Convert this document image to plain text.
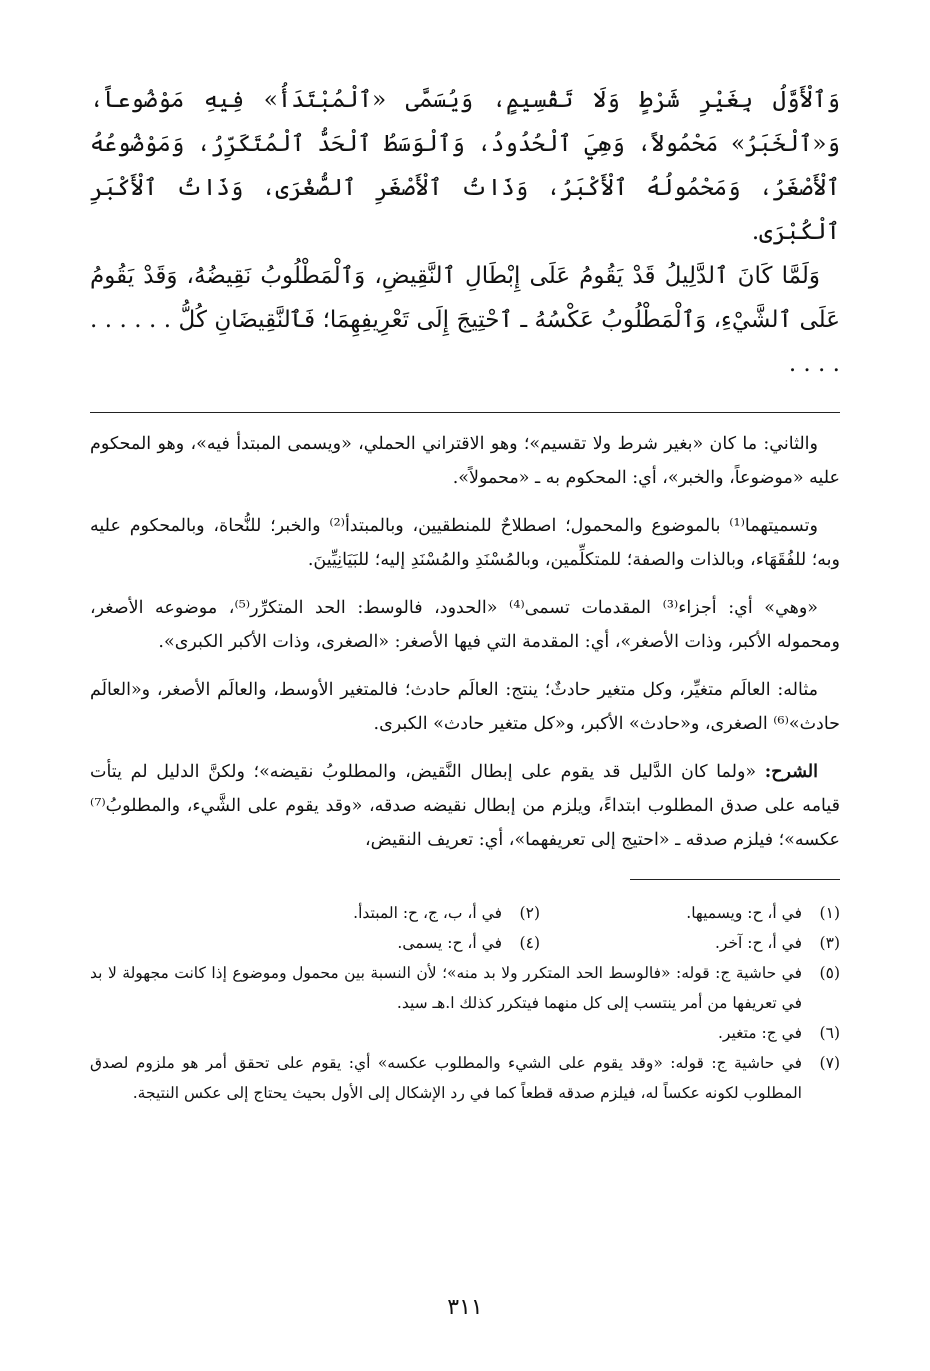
وَٱلْأَوَّلُ بِغَيْرِ شَرْطٍ وَلَا تَقْسِيمٍ، وَيُسَمَّى «ٱلْمُبْتَدَأُ» فِيهِ مَوْضُوعاً، وَ«ٱلْخَبَرُ» مَحْمُولاً، وَهِيَ ٱلْحُدُودُ، وَٱلْوَسَطُ ٱلْحَدُّ ٱلْمُتَكَرِّرُ، وَمَوْضُوعُهُ ٱلْأَصْغَرُ، وَمَحْمُولُهُ ٱلْأَكْبَرُ، وَذَاتُ ٱلْأَصْغَرِ ٱلصُّغْرَى، وَذَاتُ ٱلْأَكْبَرِ ٱلْكُبْرَى.

وَلَمَّا كَانَ ٱلدَّلِيلُ قَدْ يَقُومُ عَلَى إِبْطَالِ ٱلنَّقِيضِ، وَٱلْمَطْلُوبُ نَقِيضُهُ، وَقَدْ يَقُومُ عَلَى ٱلشَّيْءِ، وَٱلْمَطْلُوبُ عَكْسُهُ ـ ٱحْتِيجَ إِلَى تَعْرِيفِهِمَا؛ فَٱلنَّقِيضَانِ كُلُّ . . . . . . . . . .

والثاني: ما كان «بغير شرط ولا تقسيم»؛ وهو الاقتراني الحملي، «ويسمى المبتدأ فيه»، وهو المحكوم عليه «موضوعاً، والخبر»، أي: المحكوم به ـ «محمولاً».

وتسميتهما⁽¹⁾ بالموضوع والمحمول؛ اصطلاحٌ للمنطقيين، وبالمبتدأ⁽²⁾ والخبر؛ للنُّحاة، وبالمحكوم عليه وبه؛ للفُقَهَاء، وبالذات والصفة؛ للمتكلِّمين، وبالمُسْنَدِ والمُسْنَدِ إليه؛ للبَيَانِيِّينَ.

«وهي» أي: أجزاء⁽³⁾ المقدمات تسمى⁽⁴⁾ «الحدود، فالوسط: الحد المتكرِّر⁽⁵⁾، موضوعه الأصغر، ومحموله الأكبر، وذات الأصغر»، أي: المقدمة التي فيها الأصغر: «الصغرى، وذات الأكبر الكبرى».

مثاله: العالَم متغيِّر، وكل متغير حادثٌ؛ ينتج: العالَم حادث؛ فالمتغير الأوسط، والعالَم الأصغر، و«العالَم حادث»⁽⁶⁾ الصغرى، و«حادث» الأكبر، و«كل متغير حادث» الكبرى.

الشرح: «ولما كان الدَّليل قد يقوم على إبطال النَّقيض، والمطلوبُ نقيضه»؛ ولكنَّ الدليل لم يتأت قيامه على صدق المطلوب ابتداءً، ويلزم من إبطال نقيضه صدقه، «وقد يقوم على الشَّيء، والمطلوبُ⁽⁷⁾ عكسه»؛ فيلزم صدقه ـ «احتيج إلى تعريفهما»، أي: تعريف النقيض،

(١)
في أ، ح: ويسميها.
(٢)
في أ، ب، ج، ح: المبتدأ.
(٣)
في أ، ح: آخر.
(٤)
في أ، ح: يسمى.
(٥)
في حاشية ج: قوله: «فالوسط الحد المتكرر ولا بد منه»؛ لأن النسبة بين محمول وموضوع إذا كانت مجهولة لا بد في تعريفها من أمر ينتسب إلى كل منهما فيتكرر كذلك ا.هـ سيد.
(٦)
في ج: متغير.
(٧)
في حاشية ج: قوله: «وقد يقوم على الشيء والمطلوب عكسه» أي: يقوم على تحقق أمر هو ملزوم لصدق المطلوب لكونه عكساً له، فيلزم صدقه قطعاً كما في رد الإشكال إلى الأول بحيث يحتاج إلى عكس النتيجة.
٣١١
